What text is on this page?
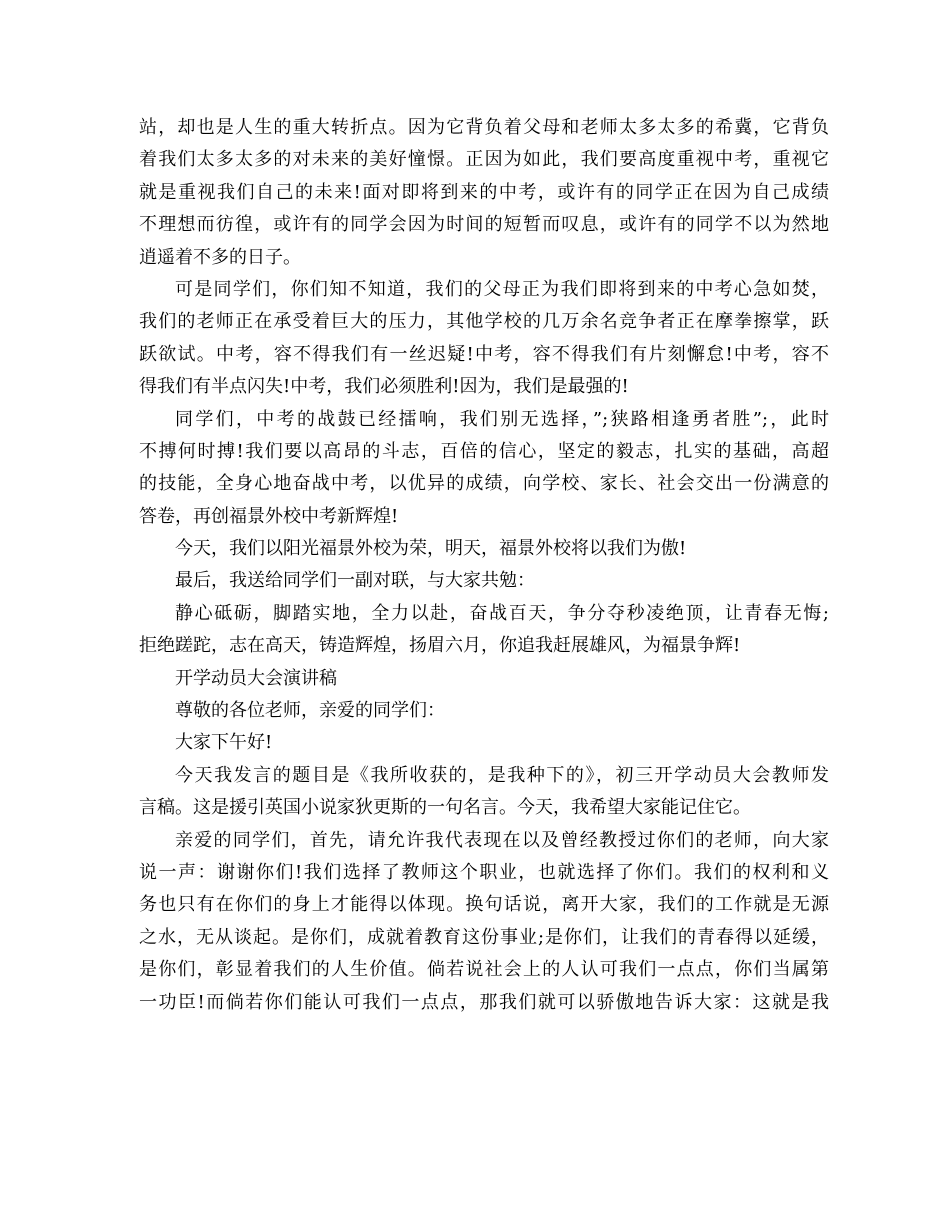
站，却也是人生的重大转折点。因为它背负着父母和老师太多太多的希冀，它背负
着我们太多太多的对未来的美好憧憬。正因为如此，我们要高度重视中考，重视它
就是重视我们自己的未来!面对即将到来的中考，或许有的同学正在因为自己成绩
不理想而彷徨，或许有的同学会因为时间的短暂而叹息，或许有的同学不以为然地
逍遥着不多的日子。
可是同学们，你们知不知道，我们的父母正为我们即将到来的中考心急如焚，
我们的老师正在承受着巨大的压力，其他学校的几万余名竞争者正在摩拳擦掌，跃
跃欲试。中考，容不得我们有一丝迟疑!中考，容不得我们有片刻懈怠!中考，容不
得我们有半点闪失!中考，我们必须胜利!因为，我们是最强的!
同学们，中考的战鼓已经擂响，我们别无选择，”;狭路相逢勇者胜”;，此时
不搏何时搏!我们要以高昂的斗志，百倍的信心，坚定的毅志，扎实的基础，高超
的技能，全身心地奋战中考，以优异的成绩，向学校、家长、社会交出一份满意的
答卷，再创福景外校中考新辉煌!
今天，我们以阳光福景外校为荣，明天，福景外校将以我们为傲!
最后，我送给同学们一副对联，与大家共勉：
静心砥砺，脚踏实地，全力以赴，奋战百天，争分夺秒凌绝顶，让青春无悔;
拒绝蹉跎，志在高天，铸造辉煌，扬眉六月，你追我赶展雄风，为福景争辉!
开学动员大会演讲稿
尊敬的各位老师，亲爱的同学们：
大家下午好!
今天我发言的题目是《我所收获的，是我种下的》，初三开学动员大会教师发
言稿。这是援引英国小说家狄更斯的一句名言。今天，我希望大家能记住它。
亲爱的同学们，首先，请允许我代表现在以及曾经教授过你们的老师，向大家
说一声：谢谢你们!我们选择了教师这个职业，也就选择了你们。我们的权利和义
务也只有在你们的身上才能得以体现。换句话说，离开大家，我们的工作就是无源
之水，无从谈起。是你们，成就着教育这份事业;是你们，让我们的青春得以延缓，
是你们，彰显着我们的人生价值。倘若说社会上的人认可我们一点点，你们当属第
一功臣!而倘若你们能认可我们一点点，那我们就可以骄傲地告诉大家：这就是我
